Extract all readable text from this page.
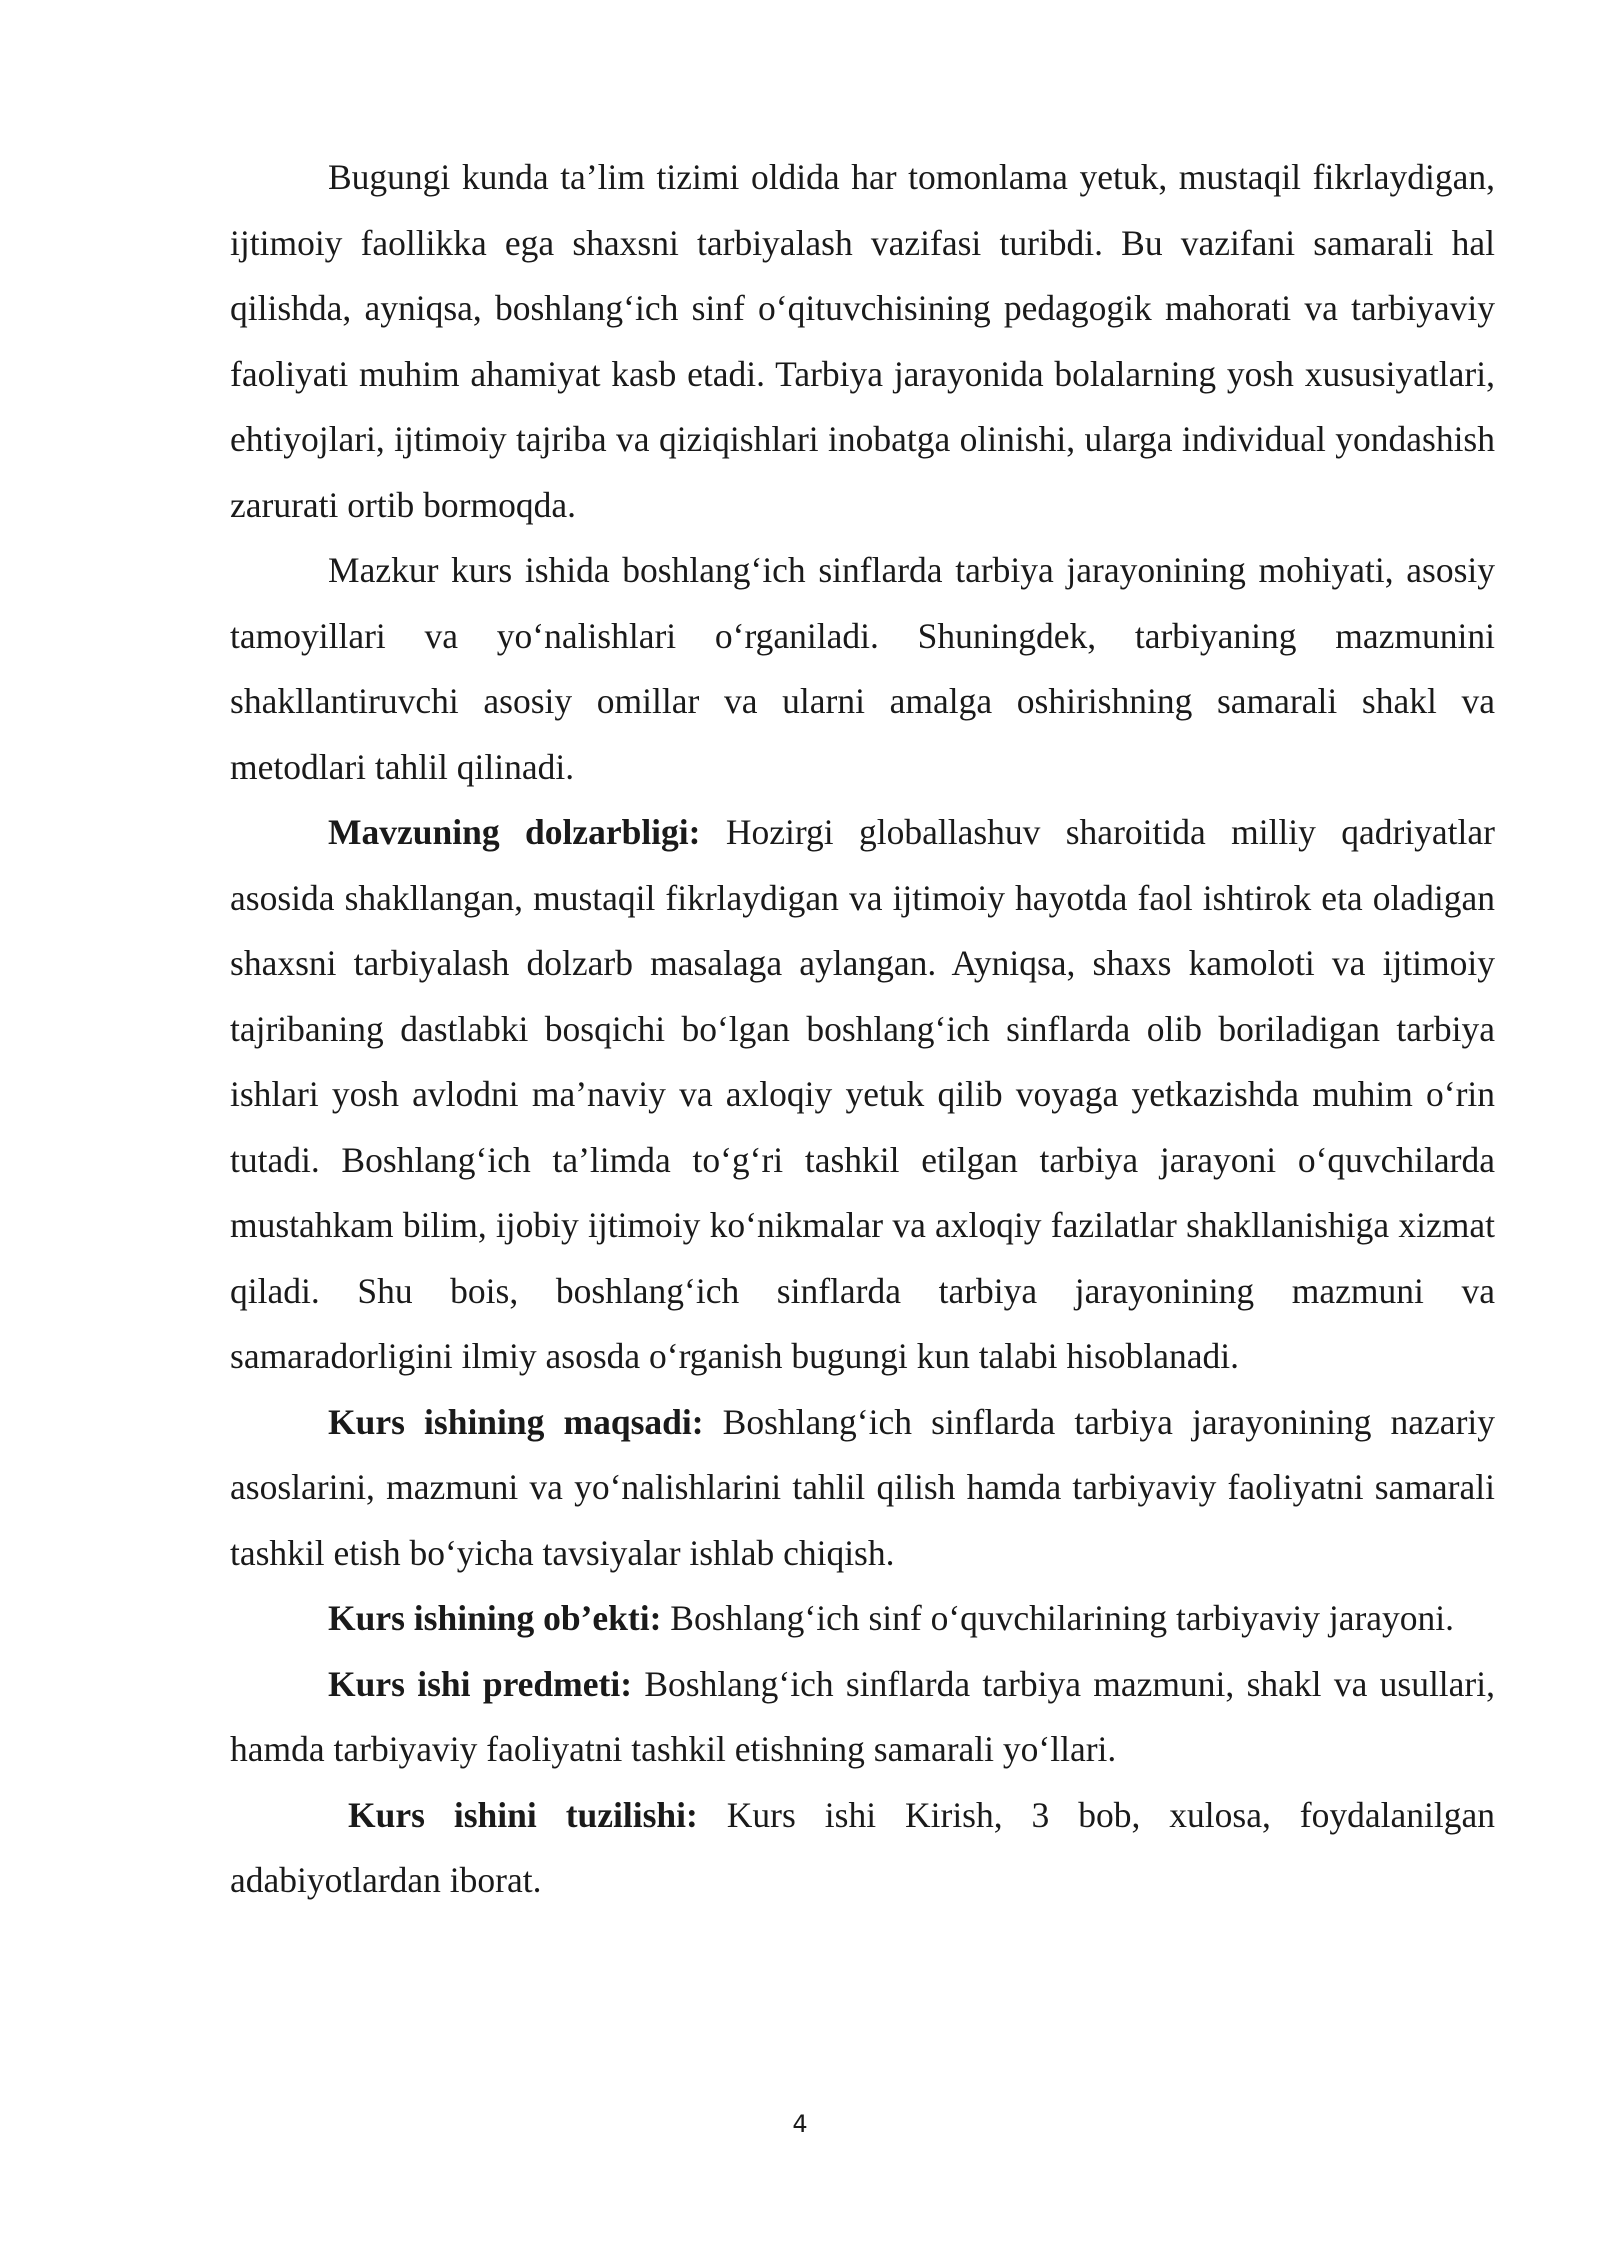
Bugungi kunda ta’lim tizimi oldida har tomonlama yetuk, mustaqil fikrlaydigan, ijtimoiy faollikka ega shaxsni tarbiyalash vazifasi turibdi. Bu vazifani samarali hal qilishda, ayniqsa, boshlang‘ich sinf o‘qituvchisining pedagogik mahorati va tarbiyaviy faoliyati muhim ahamiyat kasb etadi. Tarbiya jarayonida bolalarning yosh xususiyatlari, ehtiyojlari, ijtimoiy tajriba va qiziqishlari inobatga olinishi, ularga individual yondashish zarurati ortib bormoqda.

Mazkur kurs ishida boshlang‘ich sinflarda tarbiya jarayonining mohiyati, asosiy tamoyillari va yo‘nalishlari o‘rganiladi. Shuningdek, tarbiyaning mazmunini shakllantiruvchi asosiy omillar va ularni amalga oshirishning samarali shakl va metodlari tahlil qilinadi.

Mavzuning dolzarbligi: Hozirgi globallashuv sharoitida milliy qadriyatlar asosida shakllangan, mustaqil fikrlaydigan va ijtimoiy hayotda faol ishtirok eta oladigan shaxsni tarbiyalash dolzarb masalaga aylangan. Ayniqsa, shaxs kamoloti va ijtimoiy tajribaning dastlabki bosqichi bo‘lgan boshlang‘ich sinflarda olib boriladigan tarbiya ishlari yosh avlodni ma’naviy va axloqiy yetuk qilib voyaga yetkazishda muhim o‘rin tutadi. Boshlang‘ich ta’limda to‘g‘ri tashkil etilgan tarbiya jarayoni o‘quvchilarda mustahkam bilim, ijobiy ijtimoiy ko‘nikmalar va axloqiy fazilatlar shakllanishiga xizmat qiladi. Shu bois, boshlang‘ich sinflarda tarbiya jarayonining mazmuni va samaradorligini ilmiy asosda o‘rganish bugungi kun talabi hisoblanadi.

Kurs ishining maqsadi: Boshlang‘ich sinflarda tarbiya jarayonining nazariy asoslarini, mazmuni va yo‘nalishlarini tahlil qilish hamda tarbiyaviy faoliyatni samarali tashkil etish bo‘yicha tavsiyalar ishlab chiqish.

Kurs ishining ob’ekti: Boshlang‘ich sinf o‘quvchilarining tarbiyaviy jarayoni.

Kurs ishi predmeti: Boshlang‘ich sinflarda tarbiya mazmuni, shakl va usullari, hamda tarbiyaviy faoliyatni tashkil etishning samarali yo‘llari.

Kurs ishini tuzilishi: Kurs ishi Kirish, 3 bob, xulosa, foydalanilgan adabiyotlardan iborat.

4
